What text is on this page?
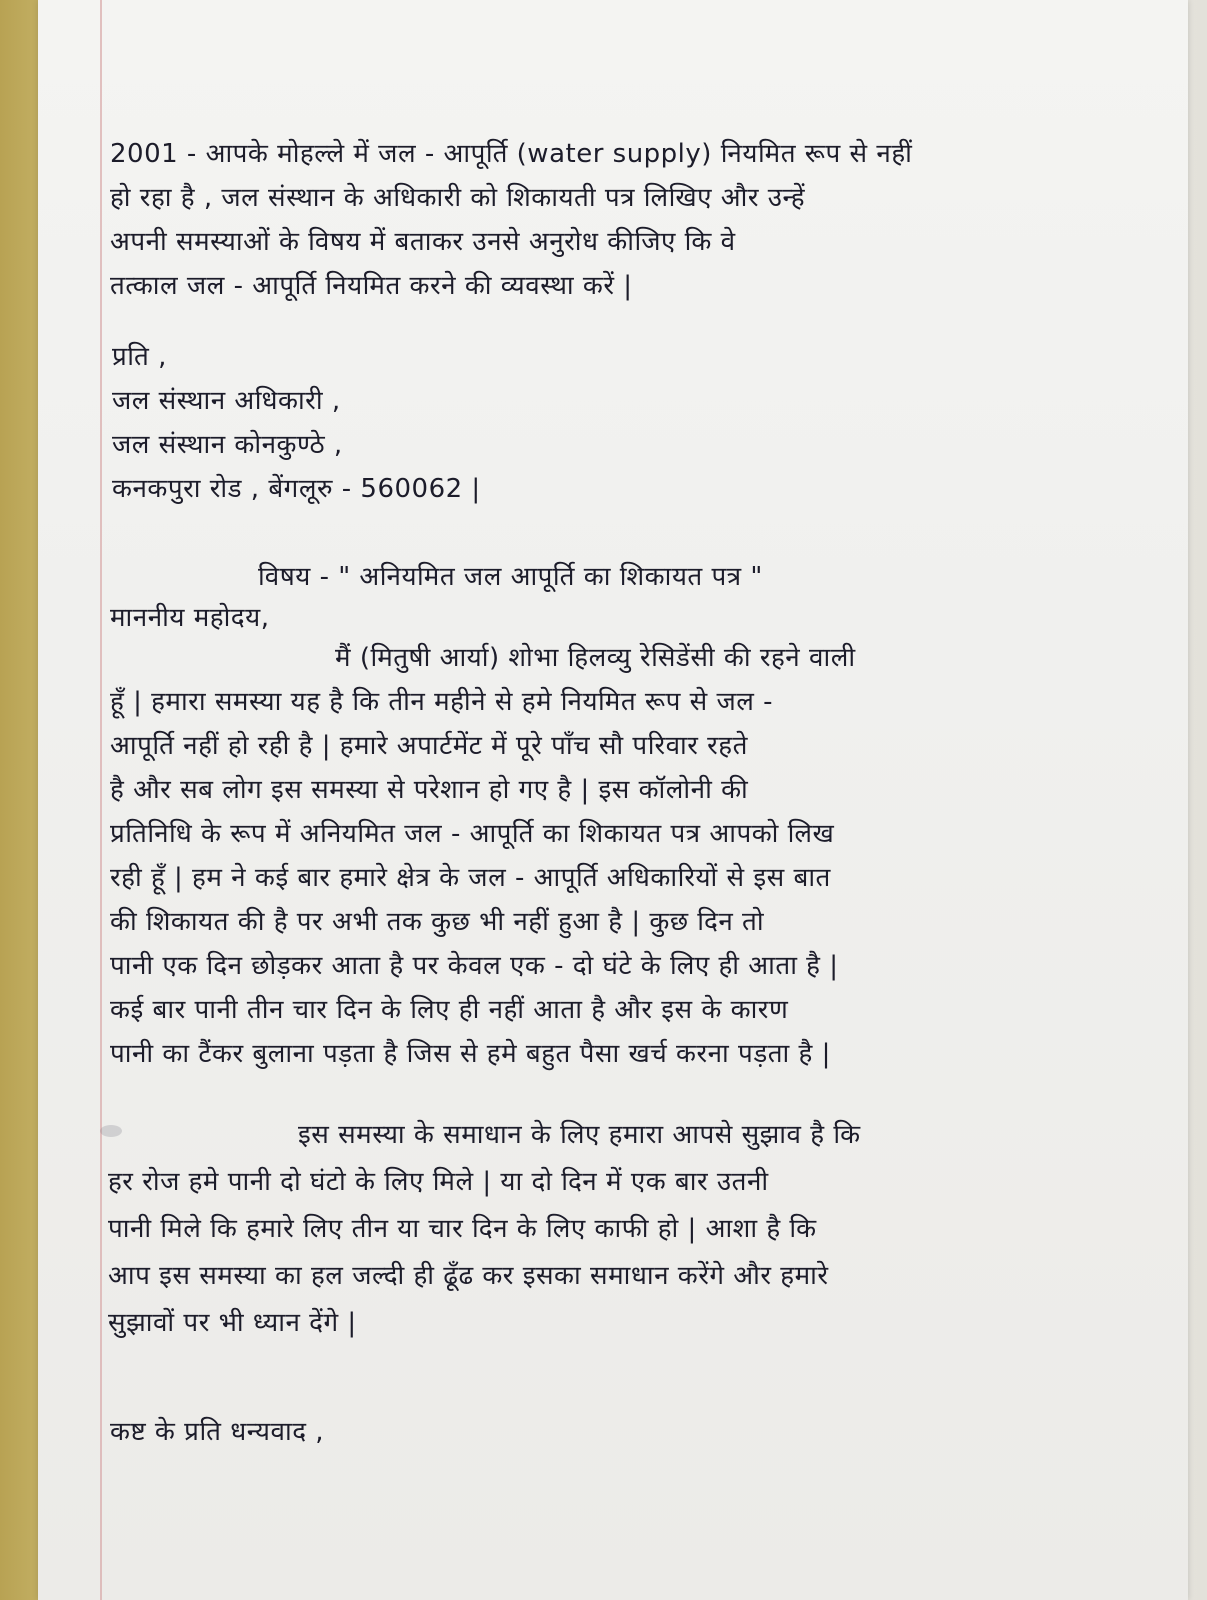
2001 - आपके मोहल्ले में जल - आपूर्ति (water supply) नियमित रूप से नहीं
हो रहा है , जल संस्थान के अधिकारी को शिकायती पत्र लिखिए और उन्हें
अपनी समस्याओं के विषय में बताकर उनसे अनुरोध कीजिए कि वे
तत्काल जल - आपूर्ति नियमित करने की व्यवस्था करें |
प्रति ,
जल संस्थान अधिकारी ,
जल संस्थान कोनकुण्ठे ,
कनकपुरा रोड , बेंगलूरु - 560062 |
विषय - " अनियमित जल आपूर्ति का शिकायत पत्र "
माननीय महोदय,
मैं (मितुषी आर्या) शोभा हिलव्यु रेसिडेंसी की रहने वाली
हूँ | हमारा समस्या यह है कि तीन महीने से हमे नियमित रूप से जल -
आपूर्ति नहीं हो रही है | हमारे अपार्टमेंट में पूरे पाँच सौ परिवार रहते
है और सब लोग इस समस्या से परेशान हो गए है | इस कॉलोनी की
प्रतिनिधि के रूप में अनियमित जल - आपूर्ति का शिकायत पत्र आपको लिख
रही हूँ | हम ने कई बार हमारे क्षेत्र के जल - आपूर्ति अधिकारियों से इस बात
की शिकायत की है पर अभी तक कुछ भी नहीं हुआ है | कुछ दिन तो
पानी एक दिन छोड़कर आता है पर केवल एक - दो घंटे के लिए ही आता है |
कई बार पानी तीन चार दिन के लिए ही नहीं आता है और इस के कारण
पानी का टैंकर बुलाना पड़ता है जिस से हमे बहुत पैसा खर्च करना पड़ता है |
इस समस्या के समाधान के लिए हमारा आपसे सुझाव है कि
हर रोज हमे पानी दो घंटो के लिए मिले | या दो दिन में एक बार उतनी
पानी मिले कि हमारे लिए तीन या चार दिन के लिए काफी हो | आशा है कि
आप इस समस्या का हल जल्दी ही ढूँढ कर इसका समाधान करेंगे और हमारे
सुझावों पर भी ध्यान देंगे |
कष्ट के प्रति धन्यवाद ,
